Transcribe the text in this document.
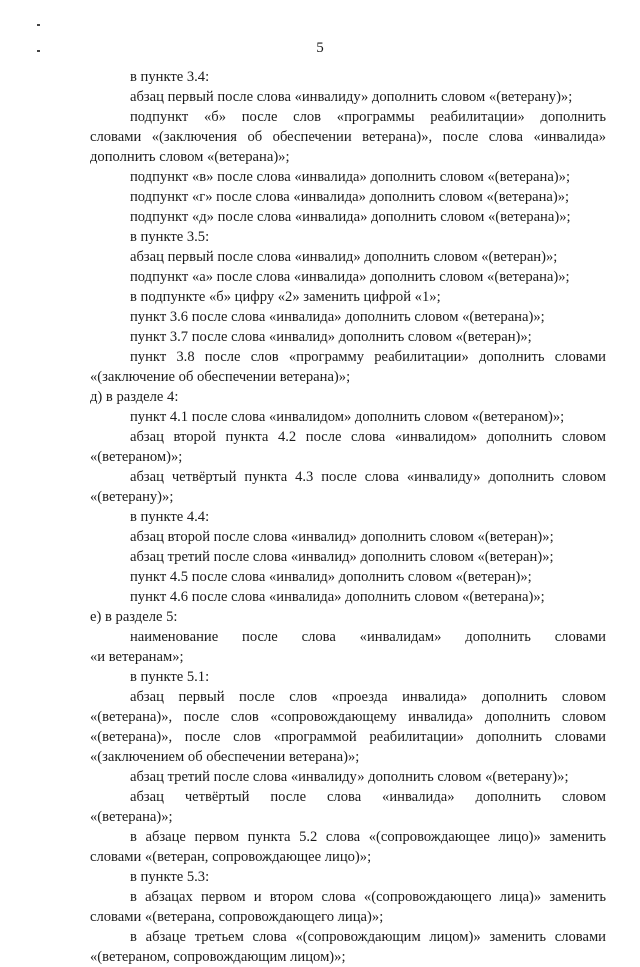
5
в пункте 3.4:
абзац первый после слова «инвалиду» дополнить словом «(ветерану)»;
подпункт «б» после слов «программы реабилитации» дополнить
словами «(заключения об обеспечении ветерана)», после слова «инвалида»
дополнить словом «(ветерана)»;
подпункт «в» после слова «инвалида» дополнить словом «(ветерана)»;
подпункт «г» после слова «инвалида» дополнить словом «(ветерана)»;
подпункт «д» после слова «инвалида» дополнить словом «(ветерана)»;
в пункте 3.5:
абзац первый после слова «инвалид» дополнить словом «(ветеран)»;
подпункт «а» после слова «инвалида» дополнить словом «(ветерана)»;
в подпункте «б» цифру «2» заменить цифрой «1»;
пункт 3.6 после слова «инвалида» дополнить словом «(ветерана)»;
пункт 3.7 после слова «инвалид» дополнить словом «(ветеран)»;
пункт 3.8 после слов «программу реабилитации» дополнить словами
«(заключение об обеспечении ветерана)»;
д) в разделе 4:
пункт 4.1 после слова «инвалидом» дополнить словом «(ветераном)»;
абзац второй пункта 4.2 после слова «инвалидом» дополнить словом
«(ветераном)»;
абзац четвёртый пункта 4.3 после слова «инвалиду» дополнить словом
«(ветерану)»;
в пункте 4.4:
абзац второй после слова «инвалид» дополнить словом «(ветеран)»;
абзац третий после слова «инвалид» дополнить словом «(ветеран)»;
пункт 4.5 после слова «инвалид» дополнить словом «(ветеран)»;
пункт 4.6 после слова «инвалида» дополнить словом «(ветерана)»;
е) в разделе 5:
наименование после слова «инвалидам» дополнить словами
«и ветеранам»;
в пункте 5.1:
абзац первый после слов «проезда инвалида» дополнить словом
«(ветерана)», после слов «сопровождающему инвалида» дополнить словом
«(ветерана)», после слов «программой реабилитации» дополнить словами
«(заключением об обеспечении ветерана)»;
абзац третий после слова «инвалиду» дополнить словом «(ветерану)»;
абзац четвёртый после слова «инвалида» дополнить словом
«(ветерана)»;
в абзаце первом пункта 5.2 слова «(сопровождающее лицо)» заменить
словами «(ветеран, сопровождающее лицо)»;
в пункте 5.3:
в абзацах первом и втором слова «(сопровождающего лица)» заменить
словами «(ветерана, сопровождающего лица)»;
в абзаце третьем слова «(сопровождающим лицом)» заменить словами
«(ветераном, сопровождающим лицом)»;
